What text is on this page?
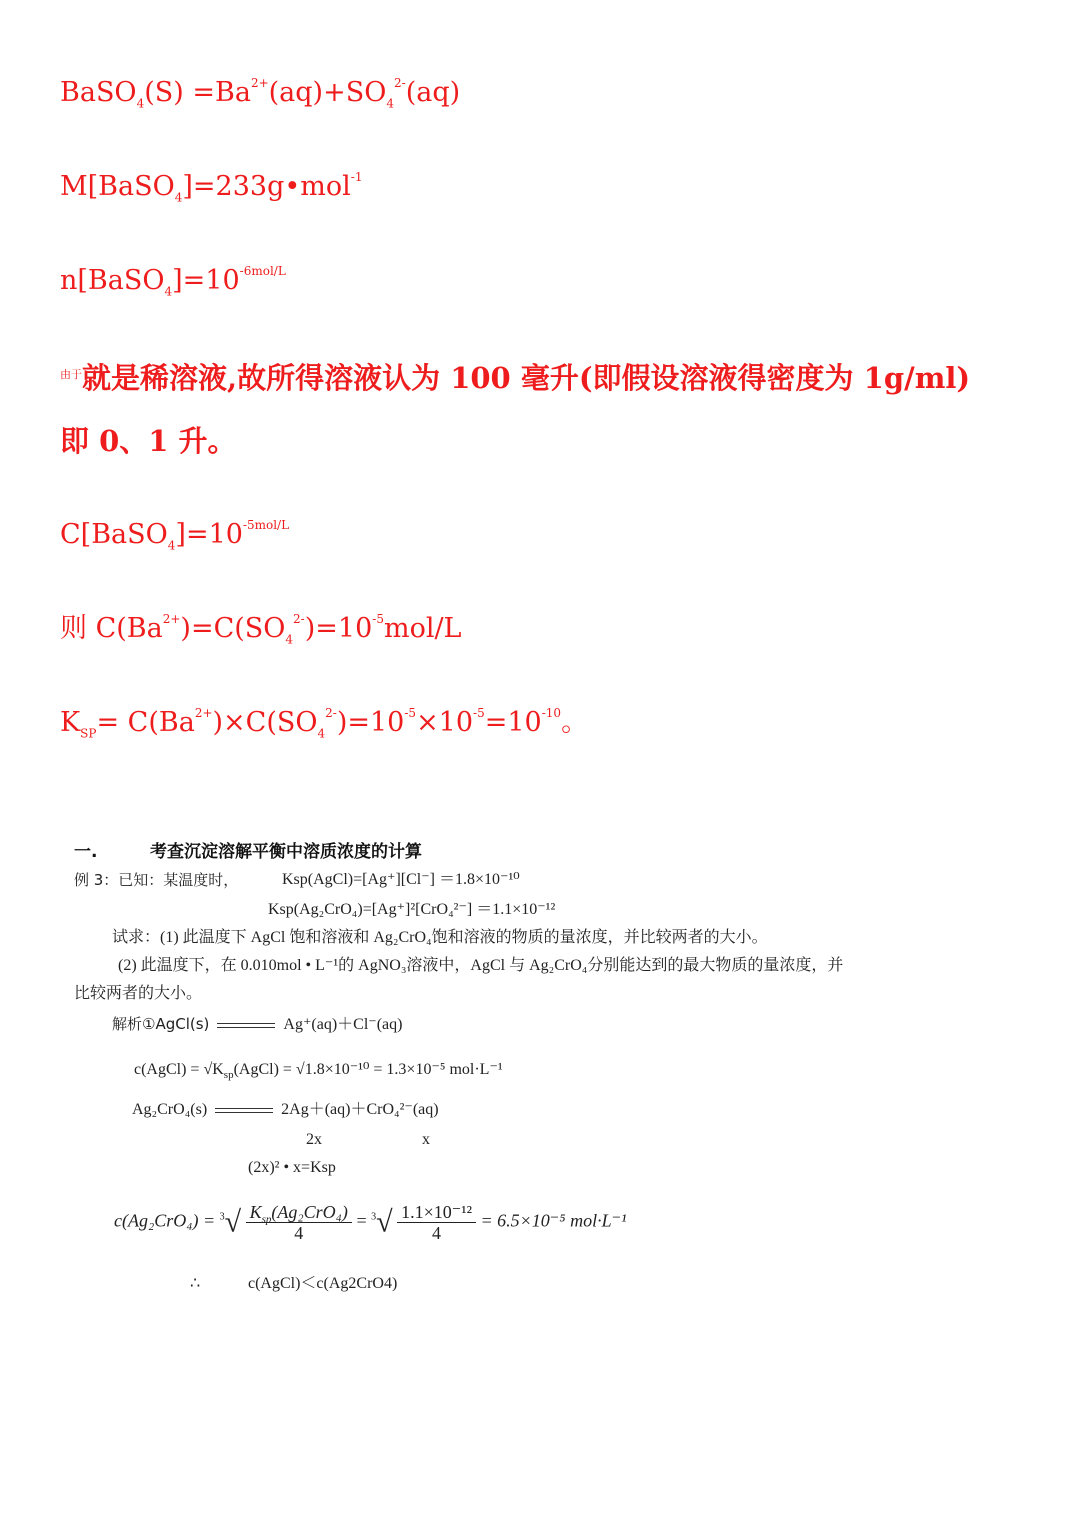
BaSO$_4$(S) $=Ba^{2+}(aq)+SO_4^{2-}(aq)$
M[BaSO$_4$]=233g•mol$^{-1}$
$n[BaSO_4]=10^{-6mol/L}$
$^{由于}$就是稀溶液,故所得溶液认为 100 毫升(即假设溶液得密度为 1g/ml)
即 0、1 升。
$C[BaSO_4]=10^{-5mol/L}$
则 $C(Ba^{2+})=C(SO_4^{2-})=10^{-5}mol/L$
$K_{SP}= C(Ba^{2+})\times C(SO_4^{2-})=10^{-5}\times 10^{-5}=10^{-10}$。
一.	考查沉淀溶解平衡中溶质浓度的计算
例 3：已知：某温度时，	Ksp(AgCl)=[Ag⁺][Cl⁻] ＝1.8×10⁻¹⁰
Ksp(Ag₂CrO₄)=[Ag⁺]²[CrO₄²⁻] ＝1.1×10⁻¹²
试求：(1) 此温度下 AgCl 饱和溶液和 Ag₂CrO₄饱和溶液的物质的量浓度，并比较两者的大小。
(2) 此温度下，在 0.010mol • L⁻¹的 AgNO₃溶液中，AgCl 与 Ag₂CrO₄分别能达到的最大物质的量浓度，并
比较两者的大小。
解析①AgCl(s)	Ag⁺(aq)＋Cl⁻(aq)
c(AgCl) = $√K_{sp}(AgCl) = √1.8\times 10^{-10} = 1.3\times 10^{-5}$ mol·L⁻¹
Ag₂CrO₄(s)	2Ag＋(aq)＋CrO₄²⁻(aq)
2x	x
(2x)² • x=Ksp
$c(Ag_2CrO_4) = ^3√ \frac{K_{sp}(Ag_2CrO_4)}{4} = ^3√ \frac{\text{1.1×10⁻¹²}}{4} = 6.5\times 10^{-5}$ mol·L⁻¹
∴	c(AgCl)＜c(Ag2CrO4)
